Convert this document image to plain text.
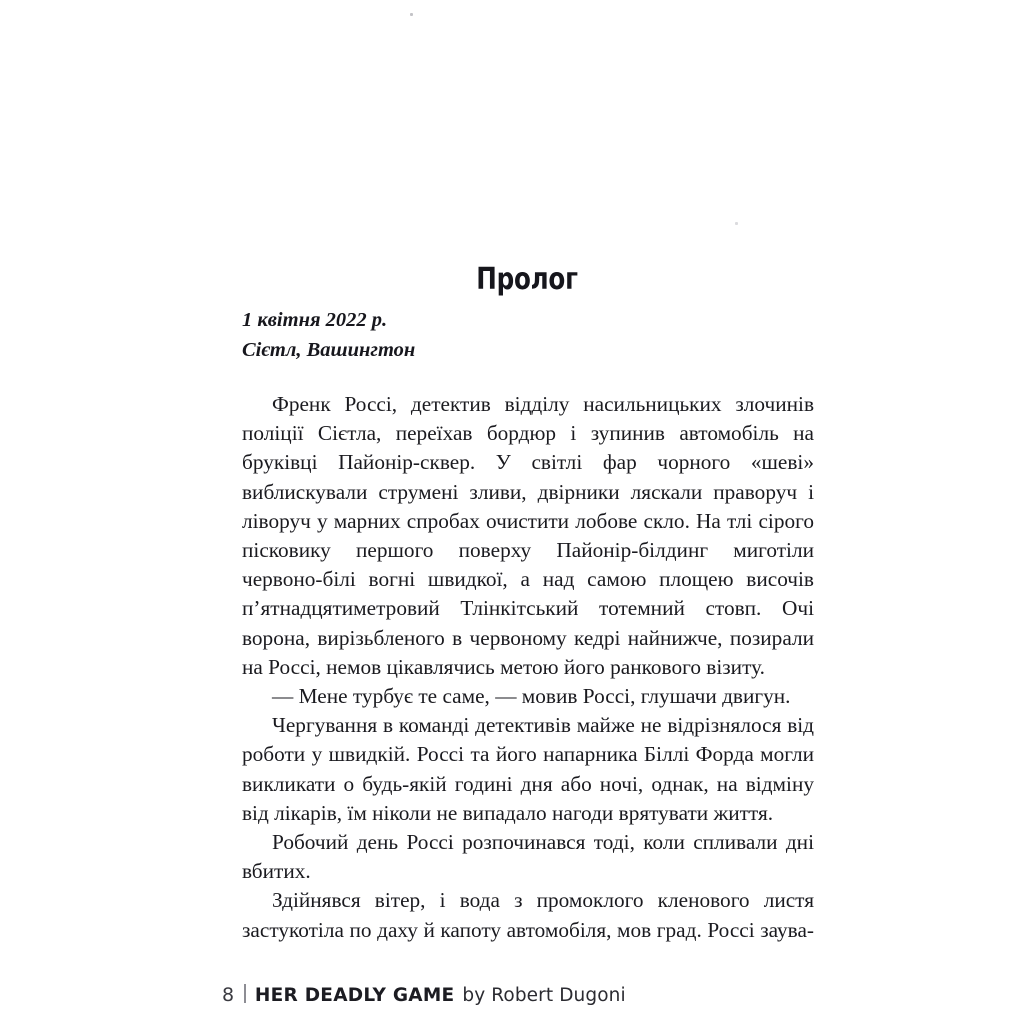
Пролог
1 квітня 2022 р.
Сієтл, Вашингтон

Френк Россі, детектив відділу насильницьких злочинів поліції Сієтла, переїхав бордюр і зупинив автомобіль на бруківці Пайонір-сквер. У світлі фар чорного «шеві» виблискували струмені зливи, двірники ляскали праворуч і ліворуч у марних спробах очистити лобове скло. На тлі сірого пісковику першого поверху Пайонір-білдинг миготіли червоно-білі вогні швидкої, а над самою площею височів п’ятнадцятиметровий Тлінкітський тотемний стовп. Очі ворона, вирізьбленого в червоному кедрі найнижче, позирали на Россі, немов цікавлячись метою його ранкового візиту.

— Мене турбує те саме, — мовив Россі, глушачи двигун.

Чергування в команді детективів майже не відрізнялося від роботи у швидкій. Россі та його напарника Біллі Форда могли викликати о будь-якій годині дня або ночі, однак, на відміну від лікарів, їм ніколи не випадало нагоди врятувати життя.

Робочий день Россі розпочинався тоді, коли спливали дні вбитих.

Здійнявся вітер, і вода з промоклого кленового листя застукотіла по даху й капоту автомобіля, мов град. Россі заува-

8 HER DEADLY GAME by Robert Dugoni
